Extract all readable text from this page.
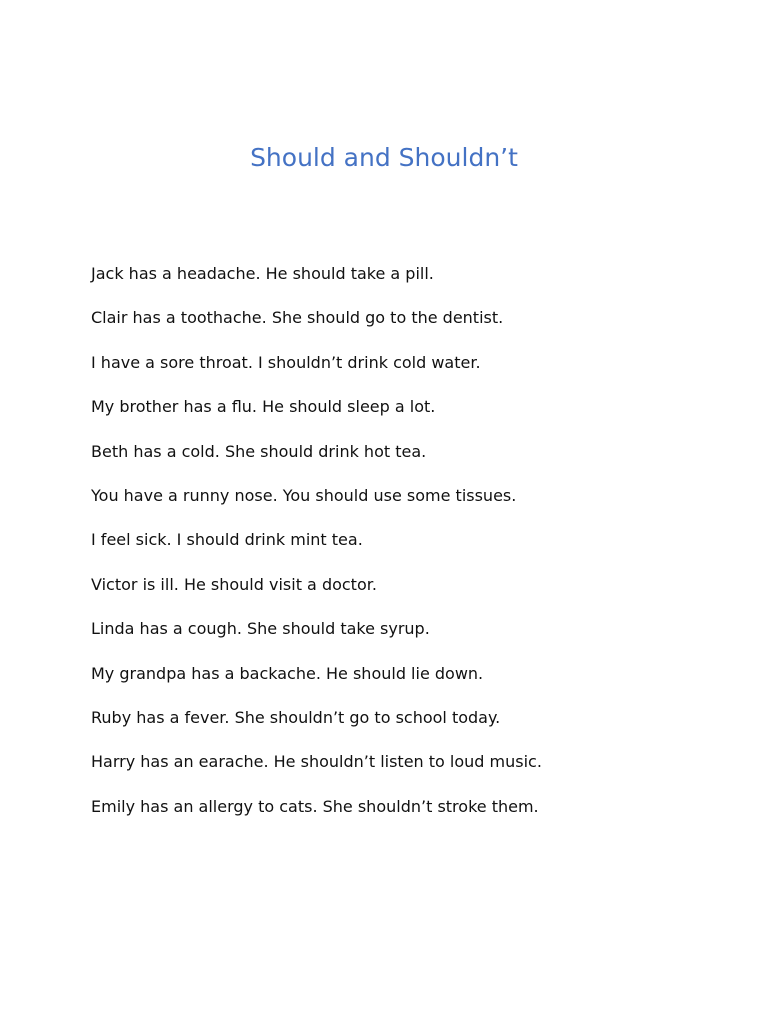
Should and Shouldn’t
Jack has a headache. He should take a pill.
Clair has a toothache. She should go to the dentist.
I have a sore throat. I shouldn’t drink cold water.
My brother has a flu. He should sleep a lot.
Beth has a cold. She should drink hot tea.
You have a runny nose. You should use some tissues.
I feel sick. I should drink mint tea.
Victor is ill. He should visit a doctor.
Linda has a cough. She should take syrup.
My grandpa has a backache. He should lie down.
Ruby has a fever. She shouldn’t go to school today.
Harry has an earache. He shouldn’t listen to loud music.
Emily has an allergy to cats. She shouldn’t stroke them.
